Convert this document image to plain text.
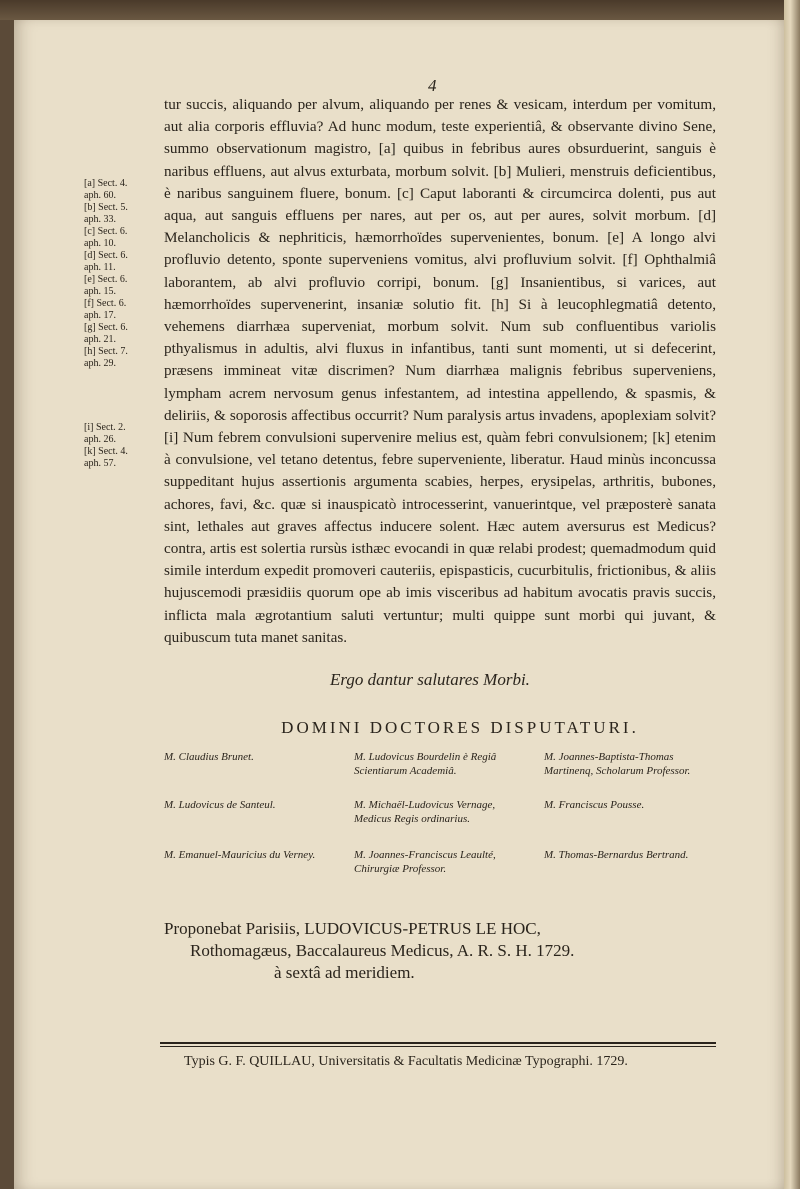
4
[a] Sect. 4.
aph. 60.
[b] Sect. 5.
aph. 33.
[c] Sect. 6.
aph. 10.
[d] Sect. 6.
aph. 11.
[e] Sect. 6.
aph. 15.
[f] Sect. 6.
aph. 17.
[g] Sect. 6.
aph. 21.
[h] Sect. 7.
aph. 29.
[i] Sect. 2.
aph. 26.
[k] Sect. 4.
aph. 57.

tur succis, aliquando per alvum, aliquando per renes & vesicam, interdum per vomitum, aut alia corporis effluvia? Ad hunc modum, teste experientiâ, & observante divino Sene, summo observationum magistro, [a] quibus in febribus aures obsurduerint, sanguis è naribus effluens, aut alvus exturbata, morbum solvit. [b] Mulieri, menstruis deficientibus, è naribus sanguinem fluere, bonum. [c] Caput laboranti & circumcirca dolenti, pus aut aqua, aut sanguis effluens per nares, aut per os, aut per aures, solvit morbum. [d] Melancholicis & nephriticis, hæmorrhoïdes supervenientes, bonum. [e] A longo alvi profluvio detento, sponte superveniens vomitus, alvi profluvium solvit. [f] Ophthalmiâ laborantem, ab alvi profluvio corripi, bonum. [g] Insanientibus, si varices, aut hæmorrhoïdes supervenerint, insaniæ solutio fit. [h] Si à leucophlegmatiâ detento, vehemens diarrhæa superveniat, morbum solvit. Num sub confluentibus variolis pthyalismus in adultis, alvi fluxus in infantibus, tanti sunt momenti, ut si defecerint, præsens immineat vitæ discrimen? Num diarrhæa malignis febribus superveniens, lympham acrem nervosum genus infestantem, ad intestina appellendo, & spasmis, & deliriis, & soporosis affectibus occurrit? Num paralysis artus invadens, apoplexiam solvit? [i] Num febrem convulsioni supervenire melius est, quàm febri convulsionem; [k] etenim à convulsione, vel tetano detentus, febre superveniente, liberatur. Haud minùs inconcussa suppeditant hujus assertionis argumenta scabies, herpes, erysipelas, arthritis, bubones, achores, favi, &c. quæ si inauspicatò introcesserint, vanuerintque, vel præposterè sanata sint, lethales aut graves affectus inducere solent. Hæc autem aversurus est Medicus? contra, artis est solertia rursùs isthæc evocandi in quæ relabi prodest; quemadmodum quid simile interdum expedit promoveri cauteriis, epispasticis, cucurbitulis, frictionibus, & aliis hujuscemodi præsidiis quorum ope ab imis visceribus ad habitum avocatis pravis succis, inflicta mala ægrotantium saluti vertuntur; multi quippe sunt morbi qui juvant, & quibuscum tuta manet sanitas.

Ergo dantur salutares Morbi.
DOMINI DOCTORES DISPUTATURI.
M. Claudius Brunet.
M. Ludovicus de Santeul.
M. Emanuel-Mauricius du Verney.
M. Ludovicus Bourdelin è Regiâ Scientiarum Academiâ.
M. Michaël-Ludovicus Vernage, Medicus Regis ordinarius.
M. Joannes-Franciscus Leaulté, Chirurgiæ Professor.
M. Joannes-Baptista-Thomas Martinenq, Scholarum Professor.
M. Franciscus Pousse.
M. Thomas-Bernardus Bertrand.
Proponebat Parisiis, LUDOVICUS-PETRUS LE HOC,
Rothomagæus, Baccalaureus Medicus, A. R. S. H. 1729.
à sextâ ad meridiem.
Typis G. F. QUILLAU, Universitatis & Facultatis Medicinæ Typographi. 1729.
